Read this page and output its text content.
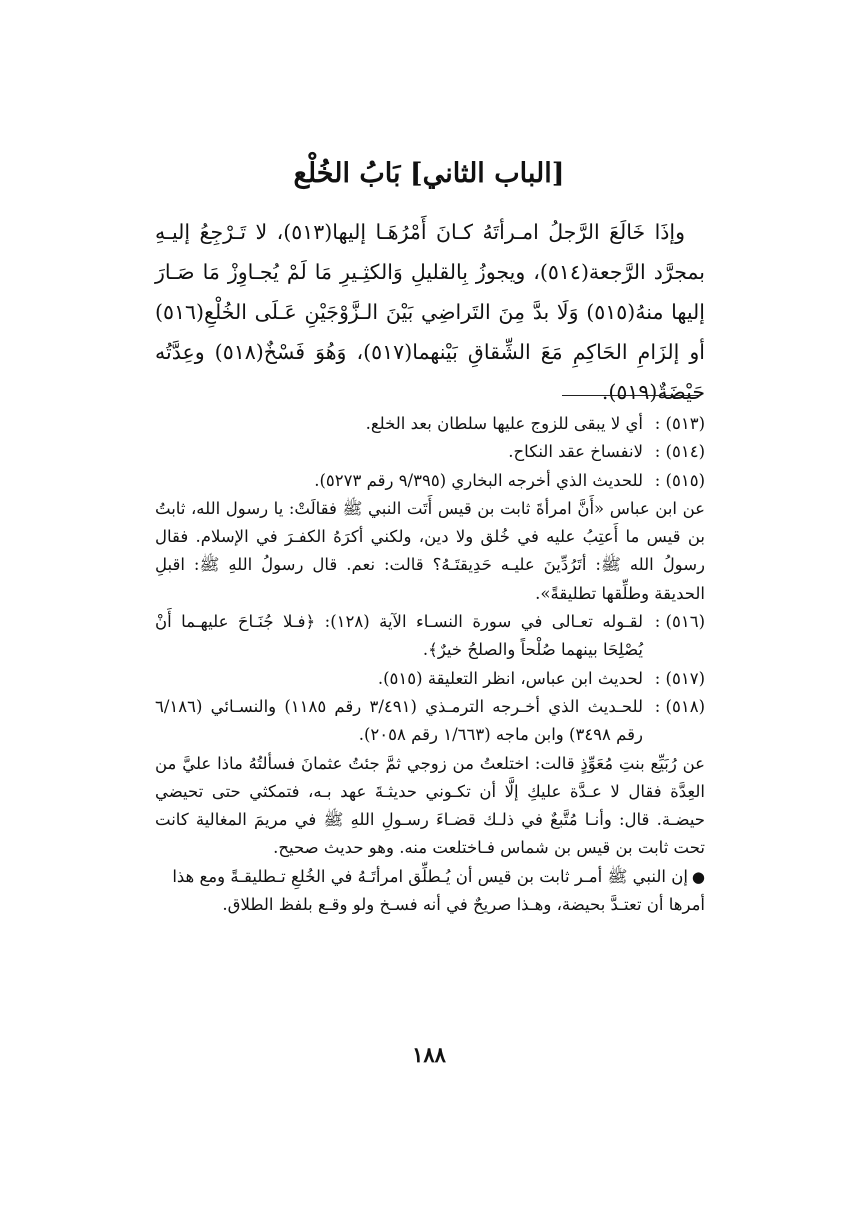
[الباب الثاني] بَابُ الخُلْع

وإذَا خَالَعَ الرَّجلُ امـرأتَهُ كـانَ أَمْرُهَـا إليها(٥١٣)، لا تَـرْجِعُ إليـهِ بمجرَّد الرَّجعة(٥١٤)، ويجوزُ بِالقليلِ وَالكثِـيرِ مَا لَمْ يُجـاوِزْ مَا صَـارَ إليها منهُ(٥١٥) وَلَا بدَّ مِنَ التَراضِي بَيْنَ الـزَّوْجَيْنِ عَـلَى الخُلْعِ(٥١٦) أو إلزَامِ الحَاكِمِ مَعَ الشِّقاقِ بَيْنهما(٥١٧)، وَهُوَ فَسْخٌ(٥١٨) وعِدَّتُه حَيْضَةٌ(٥١٩).

(٥١٣) :
أي لا يبقى للزوج عليها سلطان بعد الخلع.
(٥١٤) :
لانفساخ عقد النكاح.
(٥١٥) :
للحديث الذي أخرجه البخاري (٩/٣٩٥ رقم ٥٢٧٣).
عن ابن عباس «أَنَّ امرأةَ ثابت بن قيس أَتَت النبي ﷺ فقالَتْ: يا رسول الله، ثابتُ بن قيس ما أَعتِبُ عليه في خُلق ولا دين، ولكني أكرَهُ الكفـرَ في الإسلام. فقال رسولُ الله ﷺ: أتَرُدِّينَ عليـه حَدِيقتَـهُ؟ قالت: نعم. قال رسولُ اللهِ ﷺ: اقبلِ الحديقة وطلِّقها تطليقةً».
(٥١٦) :
لقـوله تعـالى في سورة النسـاء الآية (١٢٨): ﴿فـلا جُنَـاحَ عليهـما أَنْ يُصْلِحَا بينهما صُلْحاً والصلحُ خيرٌ﴾.
(٥١٧) :
لحديث ابن عباس، انظر التعليقة (٥١٥).
(٥١٨) :
للحـديث الذي أخـرجه الترمـذي (٣/٤٩١ رقم ١١٨٥) والنسـائي (٦/١٨٦ رقم ٣٤٩٨) وابن ماجه (١/٦٦٣ رقم ٢٠٥٨).
عن رُبَيِّع بنتِ مُعَوِّذٍ قالت: اختلعتُ من زوجي ثمَّ جئتُ عثمانَ فسألتُهُ ماذا عليَّ من العِدَّة فقال لا عـدَّة عليكِ إلَّا أن تكـوني حديثـةَ عهد بـه، فتمكثي حتى تحيضي حيضـة. قال: وأنـا مُتَّبعٌ في ذلـك قضـاءَ رسـولِ اللهِ ﷺ في مريمَ المغالية كانت تحت ثابت بن قيس بن شماس فـاختلعت منه. وهو حديث صحيح.
●إن النبي ﷺ أمـر ثابت بن قيس أن يُـطلِّق امرأتَـهُ في الخُلعِ تـطليقـةً ومع هذا أمرها أن تعتـدَّ بحيضة، وهـذا صريحٌ في أنه فسـخ ولو وقـع بلفظ الطلاق.
١٨٨
